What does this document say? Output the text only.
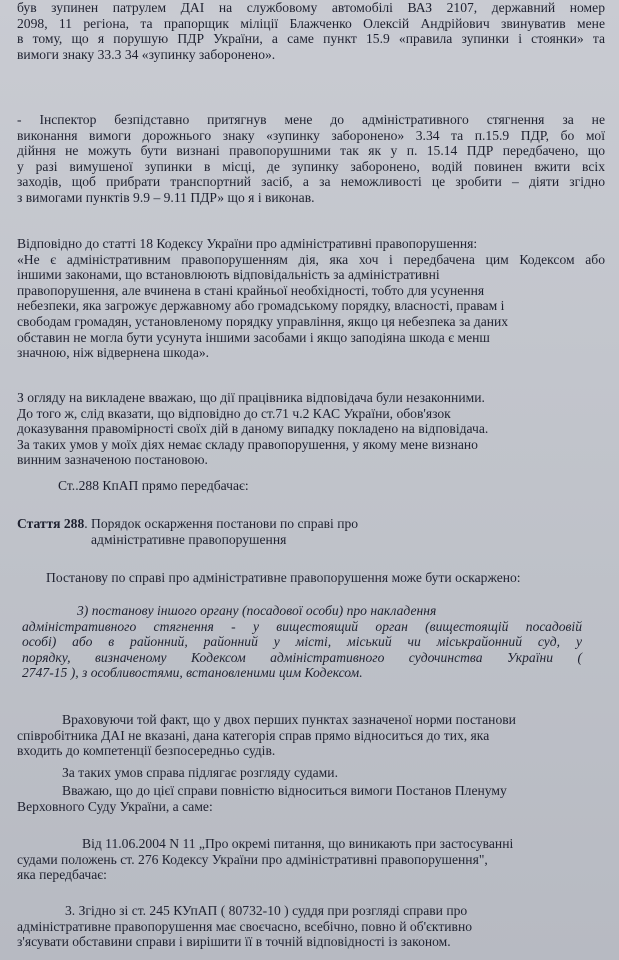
був зупинен патрулем ДАІ на службовому автомобілі ВАЗ 2107, державний номер
2098, 11 регіона, та прапорщик міліції Блажченко Олексій Андрійович звинуватив мене
в тому, що я порушую ПДР України, а саме пункт 15.9 «правила зупинки і стоянки» та
вимоги знаку 33.3 34 «зупинку заборонено».
- Інспектор безпідставно притягнув мене до адміністративного стягнення за не
виконання вимоги дорожнього знаку «зупинку заборонено» 3.34 та п.15.9 ПДР, бо мої
дійння не можуть бути визнані правопорушними так як у п. 15.14 ПДР передбачено, що
у разі вимушеної зупинки в місці, де зупинку заборонено, водій повинен вжити всіх
заходів, щоб прибрати транспортний засіб, а за неможливості це зробити – діяти згідно
з вимогами пунктів 9.9 – 9.11 ПДР» що я і виконав.
Відповідно до статті 18 Кодексу України про адміністративні правопорушення:
«Не є адміністративним правопорушенням дія, яка хоч і передбачена цим Кодексом або
іншими законами, що встановлюють відповідальність за адміністративні
правопорушення, але вчинена в стані крайньої необхідності, тобто для усунення
небезпеки, яка загрожує державному або громадському порядку, власності, правам і
свободам громадян, установленому порядку управління, якщо ця небезпека за даних
обставин не могла бути усунута іншими засобами і якщо заподіяна шкода є менш
значною, ніж відвернена шкода».
З огляду на викладене вважаю, що дії працівника відповідача були незаконними.
До того ж, слід вказати, що відповідно до ст.71 ч.2 КАС України, обов'язок
доказування правомірності своїх дій в даному випадку покладено на відповідача.
За таких умов у моїх діях немає складу правопорушення, у якому мене визнано
винним зазначеною постановою.
Ст..288 КпАП прямо передбачає:
Стаття 288. Порядок оскарження постанови по справі про
адміністративне правопорушення
Постанову по справі про адміністративне правопорушення може бути оскаржено:
3) постанову іншого органу (посадової особи) про накладення
адміністративного стягнення - у вищестоящий орган (вищестоящій посадовій
особі) або в районний, районний у місті, міський чи міськрайонний суд, у
порядку, визначеному Кодексом адміністративного судочинства України (
2747-15 ), з особливостями, встановленими цим Кодексом.
Враховуючи той факт, що у двох перших пунктах зазначеної норми постанови
співробітника ДАІ не вказані, дана категорія справ прямо відноситься до тих, яка
входить до компетенції безпосередньо судів.
За таких умов справа підлягає розгляду судами.
Вважаю, що до цієї справи повністю відноситься вимоги Постанов Пленуму
Верховного Суду України, а саме:
Від 11.06.2004 N 11 „Про окремі питання, що виникають при застосуванні
судами положень ст. 276 Кодексу України про адміністративні правопорушення",
яка передбачає:
3. Згідно зі ст. 245 КУпАП ( 80732-10 ) суддя при розгляді справи про
адміністративне правопорушення має своєчасно, всебічно, повно й об'єктивно
з'ясувати обставини справи і вирішити її в точній відповідності із законом.
